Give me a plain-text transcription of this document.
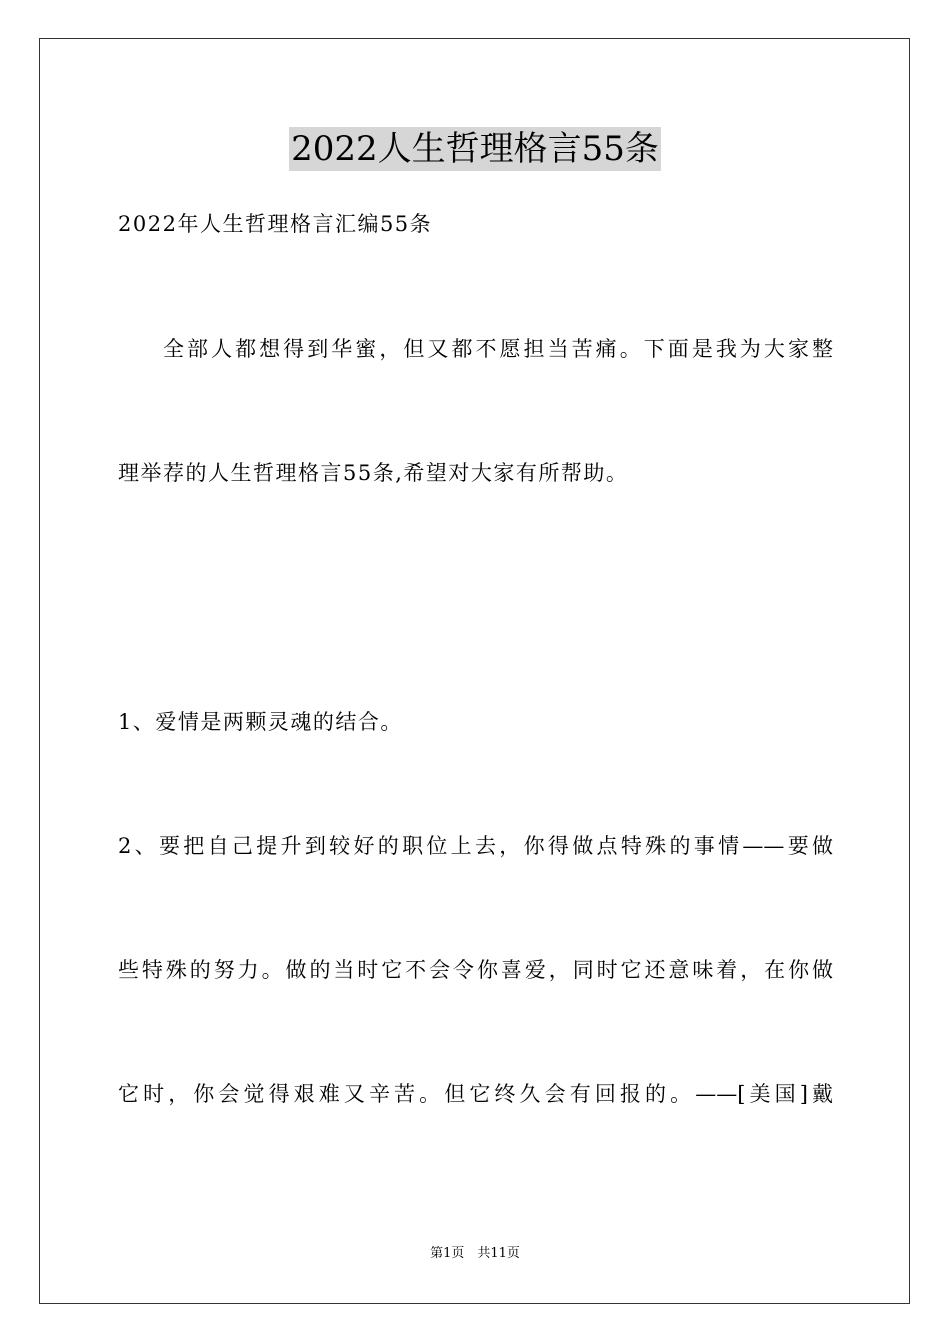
2022人生哲理格言55条
2022年人生哲理格言汇编55条
全部人都想得到华蜜，但又都不愿担当苦痛。下面是我为大家整
理举荐的人生哲理格言55条,希望对大家有所帮助。
1、爱情是两颗灵魂的结合。
2、要把自己提升到较好的职位上去，你得做点特殊的事情——要做
些特殊的努力。做的当时它不会令你喜爱，同时它还意味着，在你做
它时，你会觉得艰难又辛苦。但它终久会有回报的。——[美国]戴
第1页　共11页
